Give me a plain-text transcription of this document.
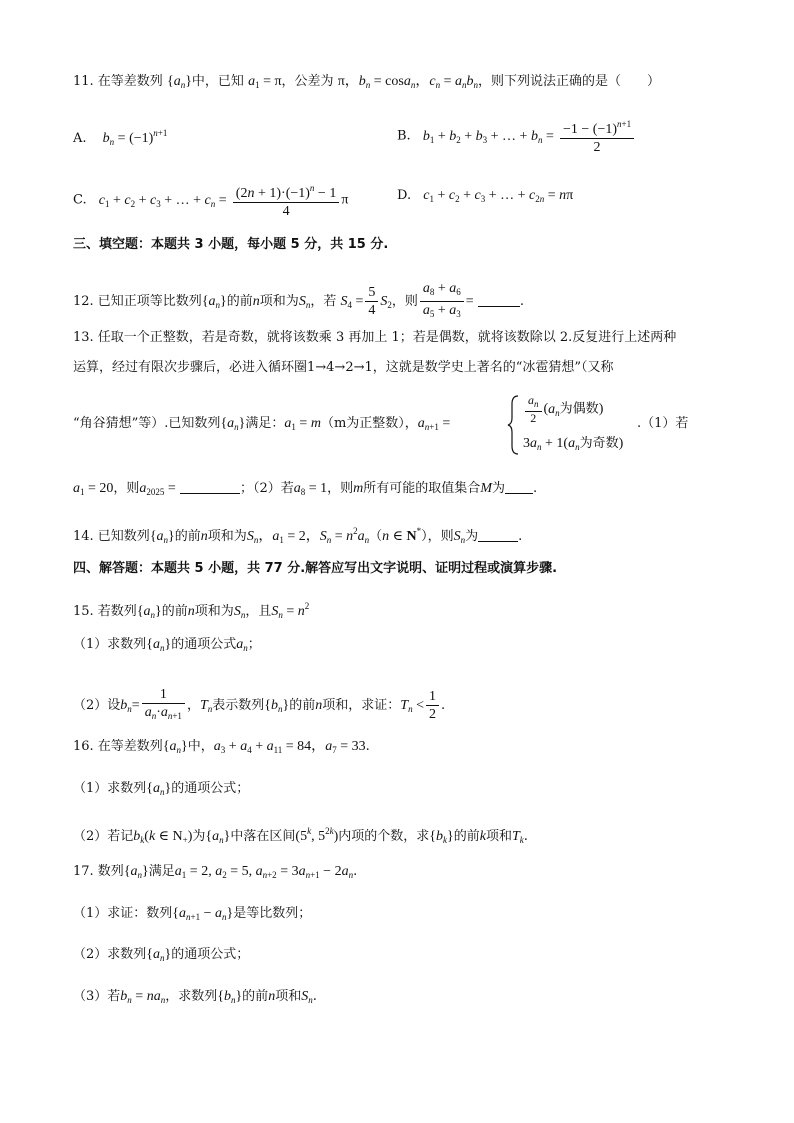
11. 在等差数列 $\{a_n\}$中，已知 $a_1 = \pi$，公差为 π，$b_n = \cos a_n$，$c_n = a_nb_n$，则下列说法正确的是（　　）
A. $b_n = (-1)^{n+1}$	B. $b_1 + b_2 + b_3$ + … + $b_n = \frac{-1 - (-1)^{n+1}}{2}$
C. $c_1 + c_2 + c_3$ + … + $c_n = \frac{(2n + 1)\cdot(-1)^n - 1}{4}$ π	D. $c_1 + c_2 + c_3$ + … + $c_{2n} = n\pi$
三、填空题：本题共 3 小题，每小题 5 分，共 15 分.
12. 已知正项等比数列$\{a_n\}$的前n项和为$S_n$，若 $S_4 = \frac{5}{4} S_2$，则 $\frac{a_8 + a_6}{a_5 + a_3}$ =	.
13. 任取一个正整数，若是奇数，就将该数乘 3 再加上 1；若是偶数，就将该数除以 2.反复进行上述两种
运算，经过有限次步骤后，必进入循环圈1→4→2→1，这就是数学史上著名的“冰雹猜想”（又称
“角谷猜想”等）.已知数列$\{a_n\}$满足：$a_1 = m(m$为正整数），$a_{n+1}$ =	$\frac{a_n}{2} (a_n$为偶数)
$3a_n + 1(a_n$为奇数)
.（1）若
$a_1 = 20$，则$a_{2025}$ =	；（2）若$a_8 = 1$，则m所有可能的取值集合M为 .
14. 已知数列$\{a_n\}$的前n项和为$S_n$，$a_1 = 2$，$S_n = n^2a_n(n$ ∈ N*），则$S_n$为	.
四、解答题：本题共 5 小题，共 77 分.解答应写出文字说明、证明过程或演算步骤.
15. 若数列$\{a_n\}$的前n项和为$S_n$，且$S_n = n^2$
（1）求数列$\{a_n\}$的通项公式$a_n$；
（2）设$b_n= \frac{1}{a_n\cdot a_{n+1}}$ ，$T_n$表示数列$\{b_n\}$的前n项和，求证：$T_n < \frac{1}{2}$ .
16. 在等差数列$\{a_n\}$中，$a_3 + a_4 + a_{11} = 84$，$a_7 = 33$.
（1）求数列$\{a_n\}$的通项公式；
（2）若记$b_k(k$ ∈ $N_+$)为$\{a_n\}$中落在区间(5$^k$, $5^{2k}$)内项的个数，求$\{b_k\}$的前k项和$T_k$.
17. 数列$\{a_n\}$满足$a_1 = 2$, $a_2 = 5$, $a_{n+2} = 3a_{n+1} - 2a_n$.
（1）求证：数列$\{a_{n+1} - a_n\}$是等比数列；
（2）求数列$\{a_n\}$的通项公式；
（3）若$b_n = na_n$，求数列$\{b_n\}$的前n项和$S_n$.
